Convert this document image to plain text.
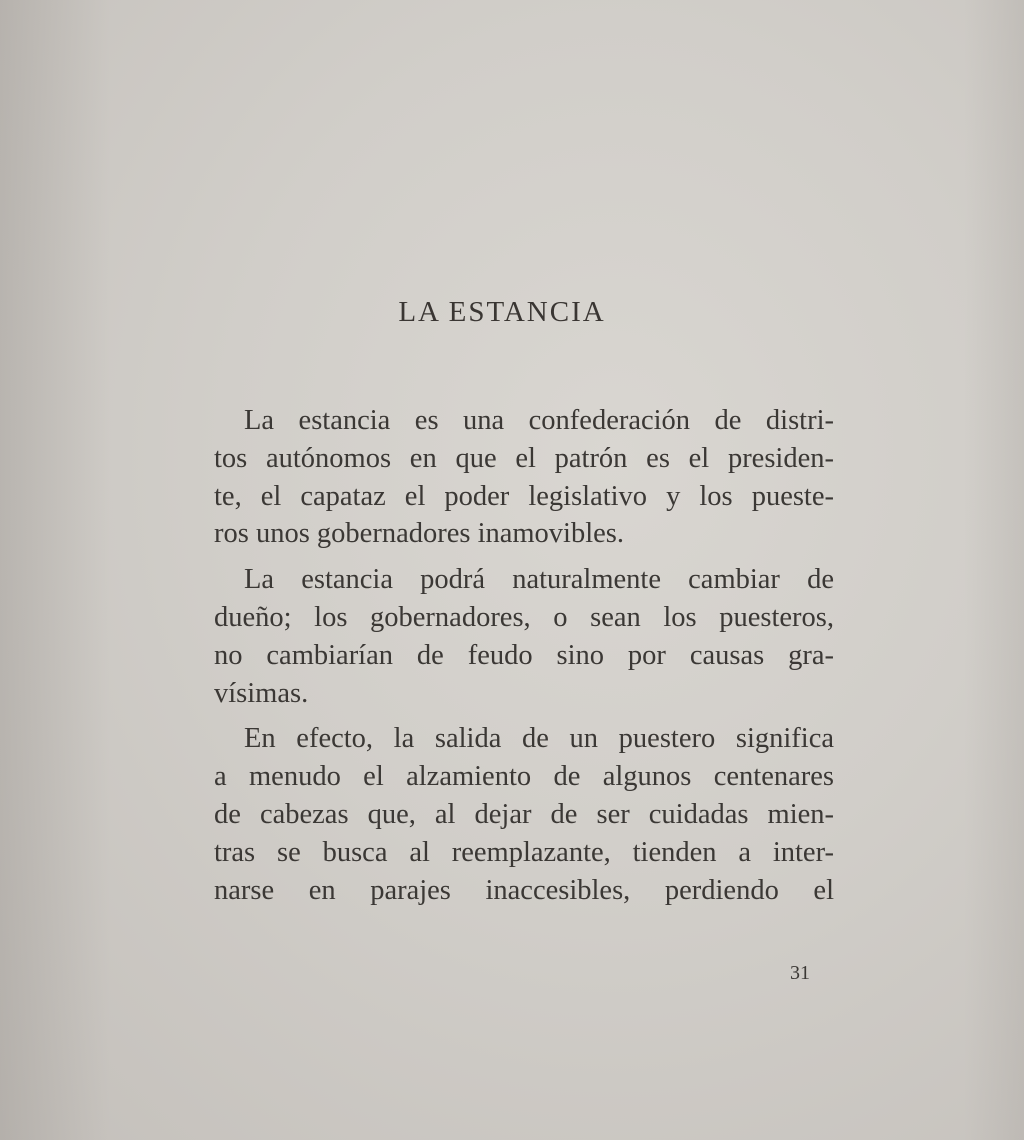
LA ESTANCIA

La estancia es una confederación de distri-
tos autónomos en que el patrón es el presiden-
te, el capataz el poder legislativo y los pueste-
ros unos gobernadores inamovibles.

La estancia podrá naturalmente cambiar de
dueño; los gobernadores, o sean los puesteros,
no cambiarían de feudo sino por causas gra-
vísimas.

En efecto, la salida de un puestero significa
a menudo el alzamiento de algunos centenares
de cabezas que, al dejar de ser cuidadas mien-
tras se busca al reemplazante, tienden a inter-
narse en parajes inaccesibles, perdiendo el

31
